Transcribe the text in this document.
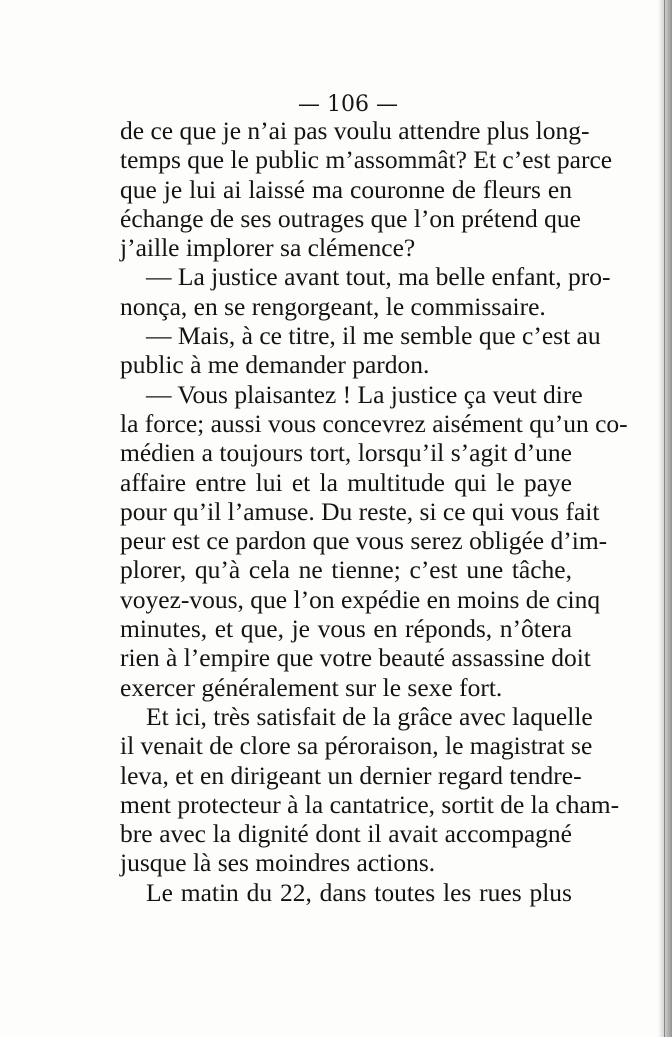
— 106 —
de ce que je n’ai pas voulu attendre plus long-
temps que le public m’assommât? Et c’est parce
que je lui ai laissé ma couronne de fleurs en
échange de ses outrages que l’on prétend que
j’aille implorer sa clémence?
— La justice avant tout, ma belle enfant, pro-
nonça, en se rengorgeant, le commissaire.
— Mais, à ce titre, il me semble que c’est au
public à me demander pardon.
— Vous plaisantez ! La justice ça veut dire
la force; aussi vous concevrez aisément qu’un co-
médien a toujours tort, lorsqu’il s’agit d’une
affaire entre lui et la multitude qui le paye
pour qu’il l’amuse. Du reste, si ce qui vous fait
peur est ce pardon que vous serez obligée d’im-
plorer, qu’à cela ne tienne; c’est une tâche,
voyez-vous, que l’on expédie en moins de cinq
minutes, et que, je vous en réponds, n’ôtera
rien à l’empire que votre beauté assassine doit
exercer généralement sur le sexe fort.
Et ici, très satisfait de la grâce avec laquelle
il venait de clore sa péroraison, le magistrat se
leva, et en dirigeant un dernier regard tendre-
ment protecteur à la cantatrice, sortit de la cham-
bre avec la dignité dont il avait accompagné
jusque là ses moindres actions.
Le matin du 22, dans toutes les rues plus
